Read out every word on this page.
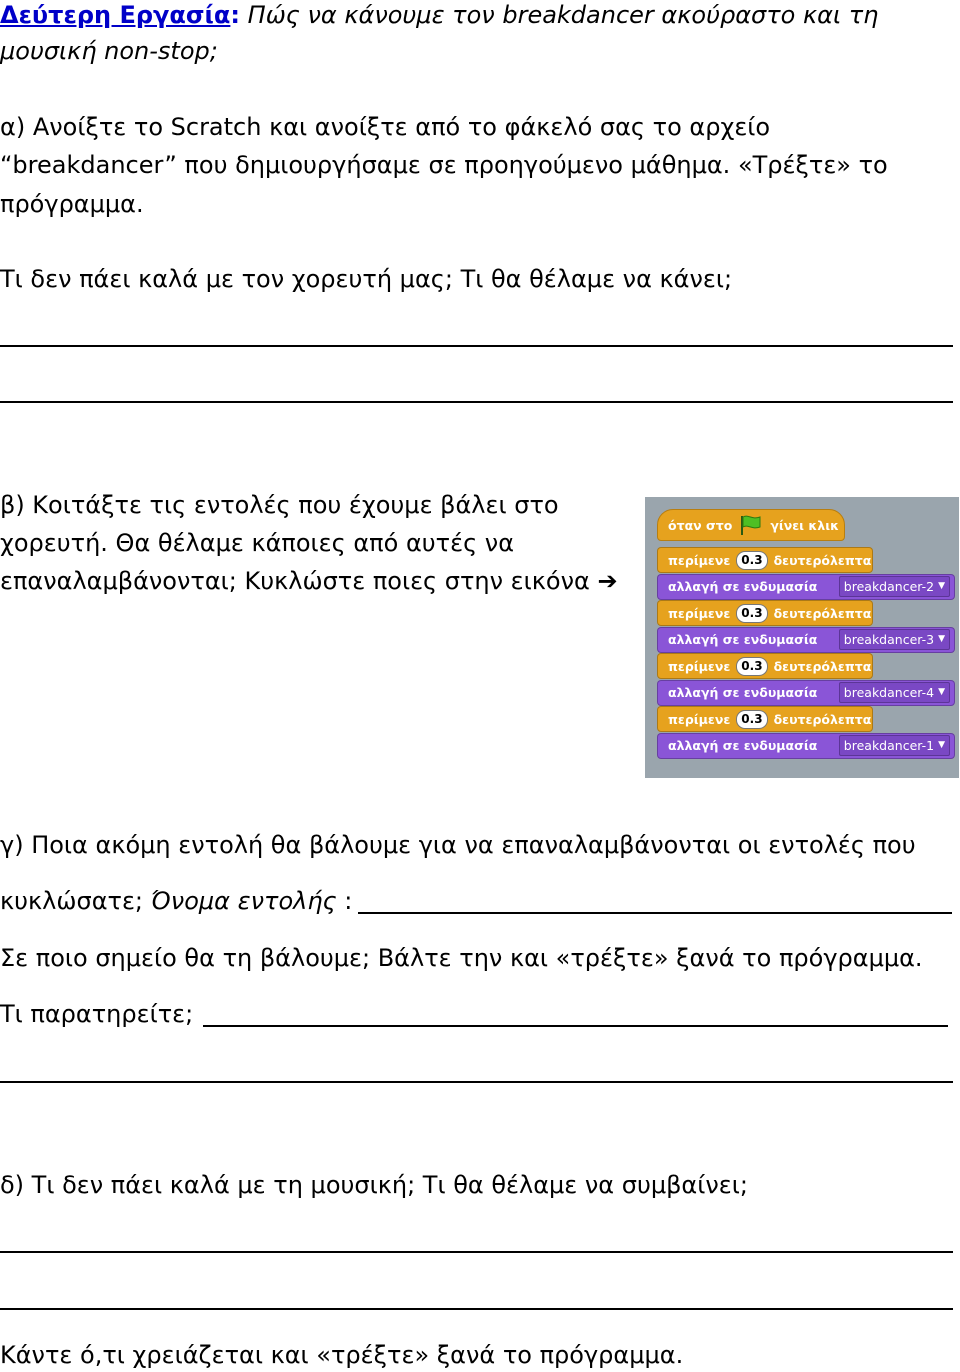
Δεύτερη Εργασία: Πώς να κάνουμε τον breakdancer ακούραστο και τη
μουσική non-stop;
α) Ανοίξτε το Scratch και ανοίξτε από το φάκελό σας το αρχείο
“breakdancer” που δημιουργήσαμε σε προηγούμενο μάθημα. «Τρέξτε» το
πρόγραμμα.
Τι δεν πάει καλά με τον χορευτή μας; Τι θα θέλαμε να κάνει;
β) Κοιτάξτε τις εντολές που έχουμε βάλει στο
χορευτή. Θα θέλαμε κάποιες από αυτές να
επαναλαμβάνονται; Κυκλώστε ποιες στην εικόνα ➔
όταν στο	γίνει κλικ
περίμενε 0.3 δευτερόλεπτα
αλλαγή σε ενδυμασία breakdancer-2 ▼
περίμενε 0.3 δευτερόλεπτα
αλλαγή σε ενδυμασία breakdancer-3 ▼
περίμενε 0.3 δευτερόλεπτα
αλλαγή σε ενδυμασία breakdancer-4 ▼
περίμενε 0.3 δευτερόλεπτα
αλλαγή σε ενδυμασία breakdancer-1 ▼
γ) Ποια ακόμη εντολή θα βάλουμε για να επαναλαμβάνονται οι εντολές που
κυκλώσατε; Όνομα εντολής :
Σε ποιο σημείο θα τη βάλουμε; Βάλτε την και «τρέξτε» ξανά το πρόγραμμα.
Τι παρατηρείτε;
δ) Τι δεν πάει καλά με τη μουσική; Τι θα θέλαμε να συμβαίνει;
Κάντε ό,τι χρειάζεται και «τρέξτε» ξανά το πρόγραμμα.
